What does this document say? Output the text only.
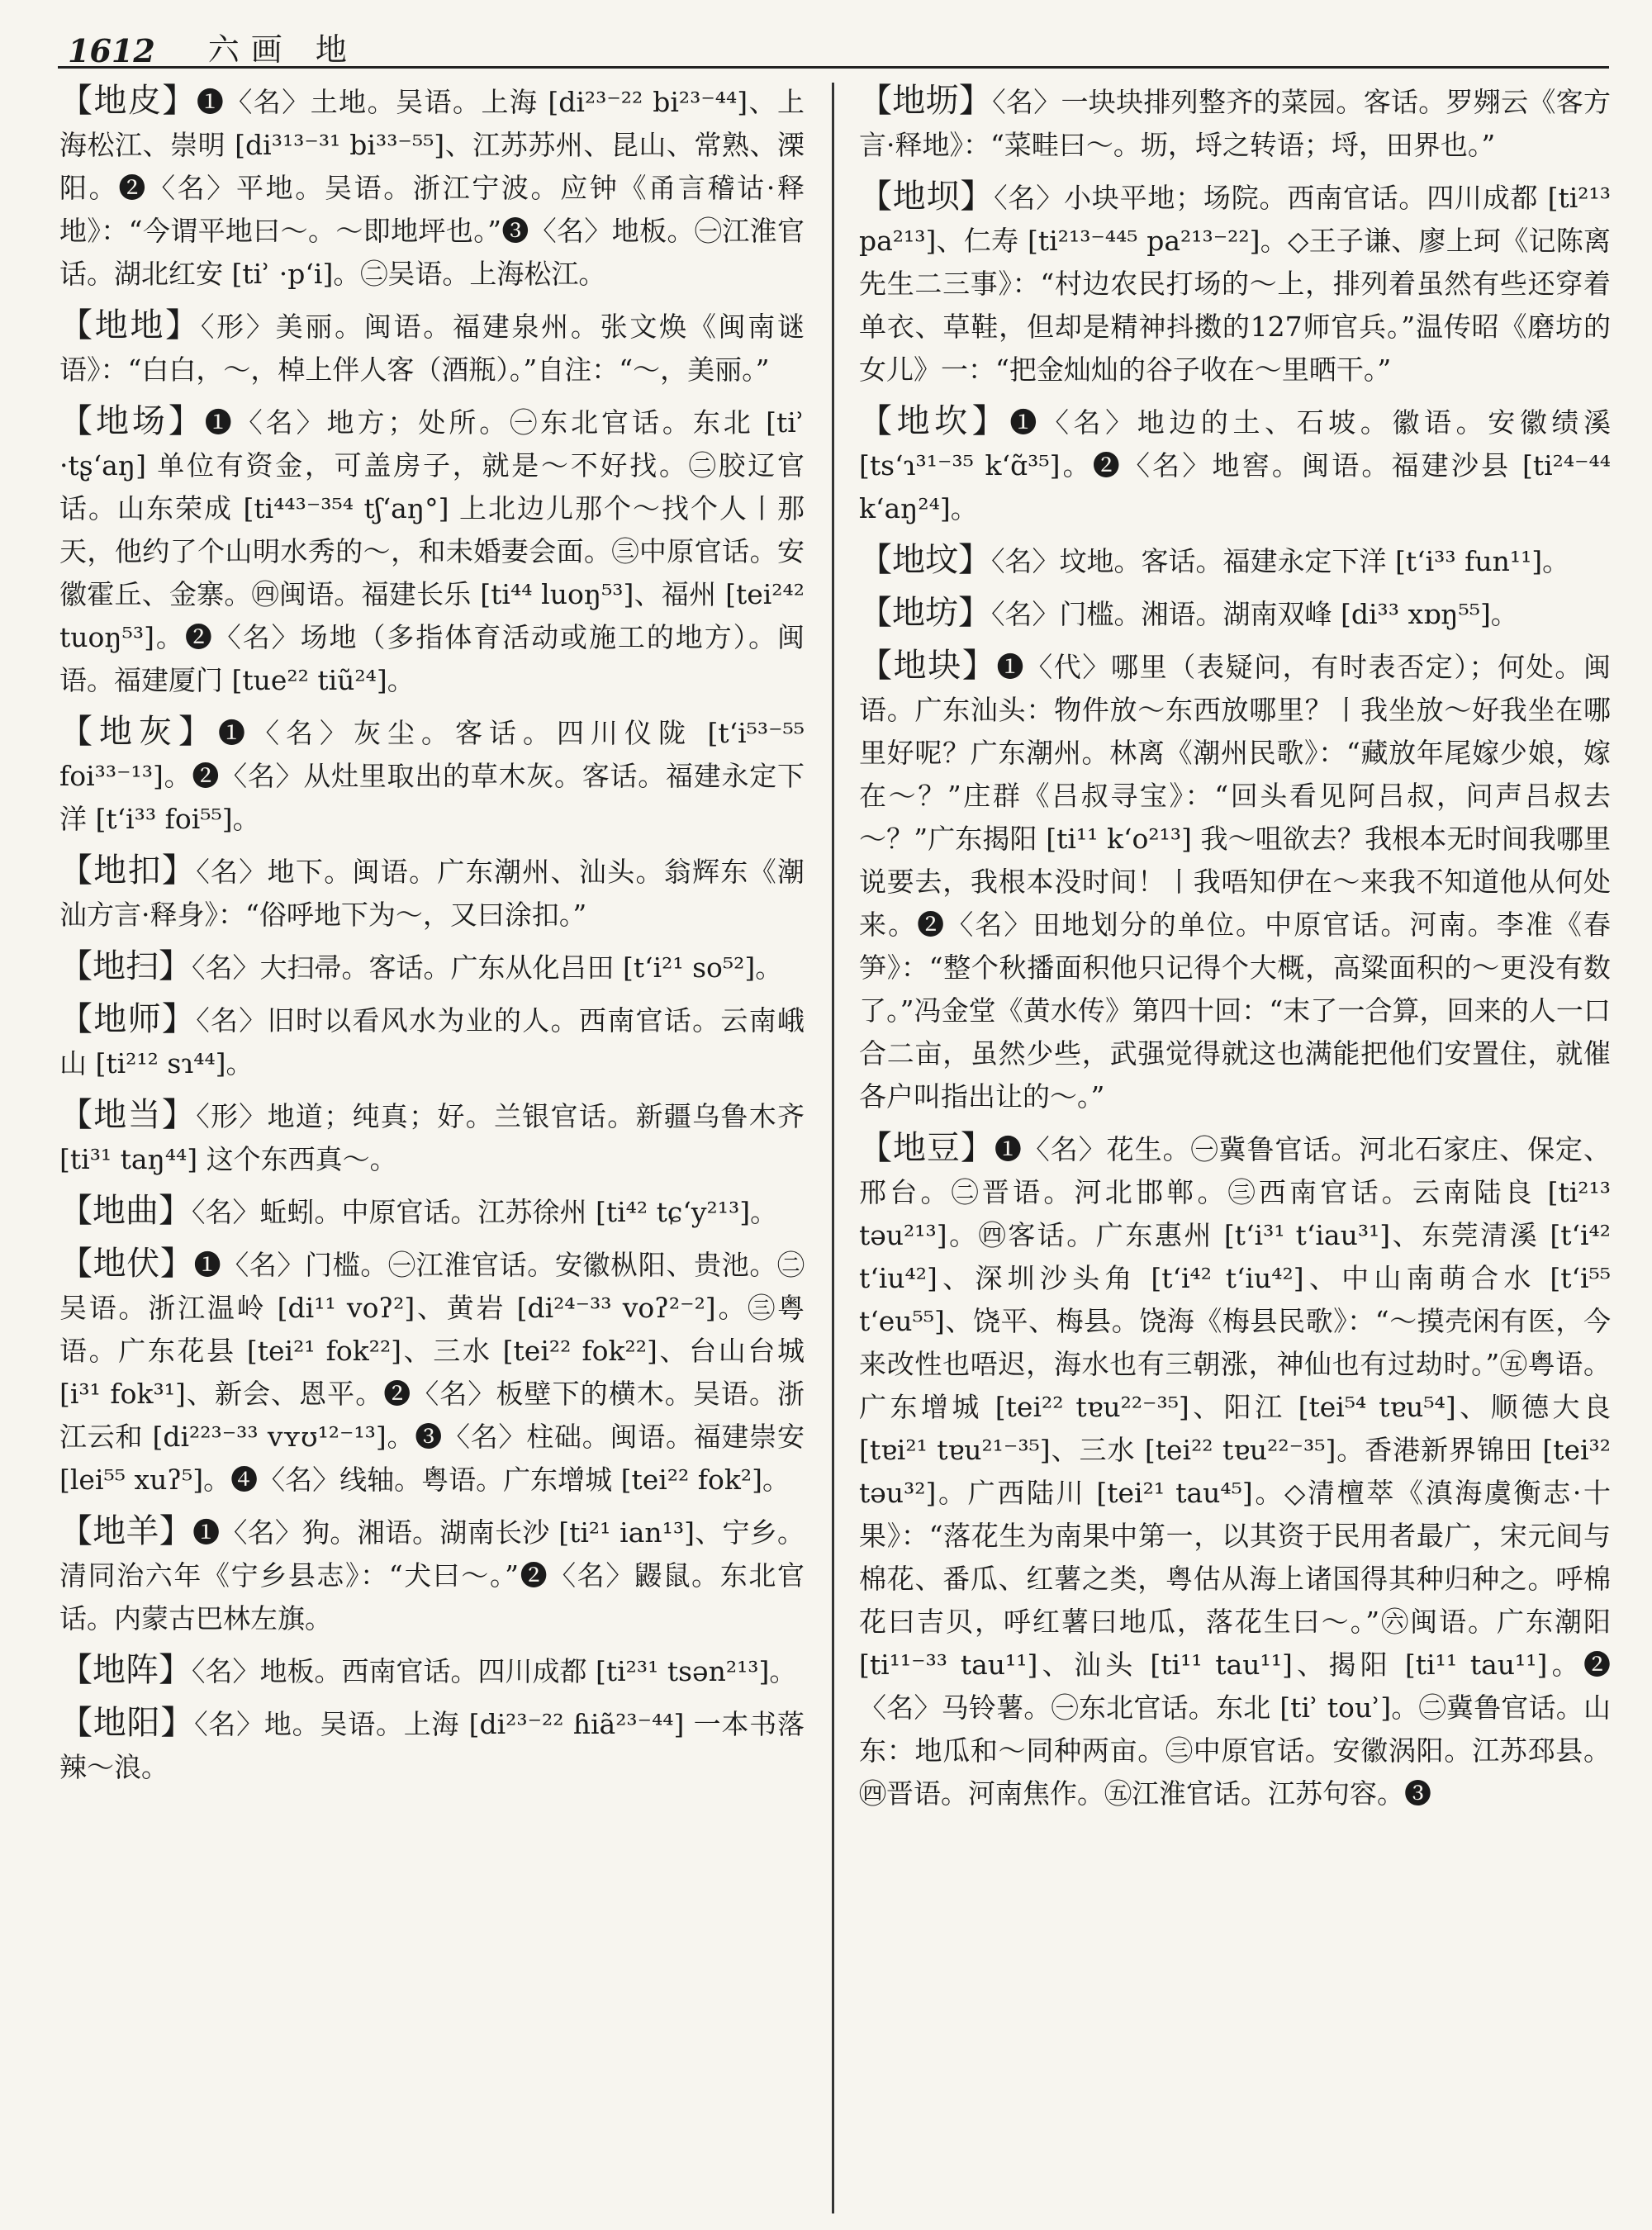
1612 六画 地

【地皮】❶〈名〉土地。吴语。上海 [di²³⁻²² bi²³⁻⁴⁴]、上海松江、崇明 [di³¹³⁻³¹ bi³³⁻⁵⁵]、江苏苏州、昆山、常熟、溧阳。❷〈名〉平地。吴语。浙江宁波。应钟《甬言稽诂·释地》：“今谓平地曰～。～即地坪也。”❸〈名〉地板。㊀江淮官话。湖北红安 [tiʾ ·pʻi]。㊁吴语。上海松江。

【地地】〈形〉美丽。闽语。福建泉州。张文焕《闽南谜语》：“白白，～，棹上伴人客（酒瓶）。”自注：“～，美丽。”

【地场】❶〈名〉地方；处所。㊀东北官话。东北 [tiʾ ·tʂʻaŋ] 单位有资金，可盖房子，就是～不好找。㊁胶辽官话。山东荣成 [ti⁴⁴³⁻³⁵⁴ tʃʻaŋ°] 上北边儿那个～找个人丨那天，他约了个山明水秀的～，和未婚妻会面。㊂中原官话。安徽霍丘、金寨。㊃闽语。福建长乐 [ti⁴⁴ luoŋ⁵³]、福州 [tei²⁴² tuoŋ⁵³]。❷〈名〉场地（多指体育活动或施工的地方）。闽语。福建厦门 [tue²² tiũ²⁴]。

【地灰】❶〈名〉灰尘。客话。四川仪陇 [tʻi⁵³⁻⁵⁵ foi³³⁻¹³]。❷〈名〉从灶里取出的草木灰。客话。福建永定下洋 [tʻi³³ foi⁵⁵]。

【地扣】〈名〉地下。闽语。广东潮州、汕头。翁辉东《潮汕方言·释身》：“俗呼地下为～，又曰涂扣。”

【地扫】〈名〉大扫帚。客话。广东从化吕田 [tʻi²¹ so⁵²]。

【地师】〈名〉旧时以看风水为业的人。西南官话。云南峨山 [ti²¹² sɿ⁴⁴]。

【地当】〈形〉地道；纯真；好。兰银官话。新疆乌鲁木齐 [ti³¹ taŋ⁴⁴] 这个东西真～。

【地曲】〈名〉蚯蚓。中原官话。江苏徐州 [ti⁴² tɕʻy²¹³]。

【地伏】❶〈名〉门槛。㊀江淮官话。安徽枞阳、贵池。㊁吴语。浙江温岭 [di¹¹ voʔ²]、黄岩 [di²⁴⁻³³ voʔ²⁻²]。㊂粤语。广东花县 [tei²¹ fok²²]、三水 [tei²² fok²²]、台山台城 [i³¹ fok³¹]、新会、恩平。❷〈名〉板壁下的横木。吴语。浙江云和 [di²²³⁻³³ vʏʊ¹²⁻¹³]。❸〈名〉柱础。闽语。福建崇安 [lei⁵⁵ xuʔ⁵]。❹〈名〉线轴。粤语。广东增城 [tei²² fok²]。

【地羊】❶〈名〉狗。湘语。湖南长沙 [ti²¹ ian¹³]、宁乡。清同治六年《宁乡县志》：“犬曰～。”❷〈名〉鼹鼠。东北官话。内蒙古巴林左旗。

【地阵】〈名〉地板。西南官话。四川成都 [ti²³¹ tsən²¹³]。

【地阳】〈名〉地。吴语。上海 [di²³⁻²² ɦiã²³⁻⁴⁴] 一本书落辣～浪。

【地坜】〈名〉一块块排列整齐的菜园。客话。罗翙云《客方言·释地》：“菜畦曰～。坜，埒之转语；埒，田界也。”

【地坝】〈名〉小块平地；场院。西南官话。四川成都 [ti²¹³ pa²¹³]、仁寿 [ti²¹³⁻⁴⁴⁵ pa²¹³⁻²²]。◇王子谦、廖上珂《记陈离先生二三事》：“村边农民打场的～上，排列着虽然有些还穿着单衣、草鞋，但却是精神抖擞的127师官兵。”温传昭《磨坊的女儿》一：“把金灿灿的谷子收在～里晒干。”

【地坎】❶〈名〉地边的土、石坡。徽语。安徽绩溪 [tsʻɿ³¹⁻³⁵ kʻɑ̃³⁵]。❷〈名〉地窖。闽语。福建沙县 [ti²⁴⁻⁴⁴ kʻaŋ²⁴]。

【地坟】〈名〉坟地。客话。福建永定下洋 [tʻi³³ fun¹¹]。

【地坊】〈名〉门槛。湘语。湖南双峰 [di³³ xɒŋ⁵⁵]。

【地块】❶〈代〉哪里（表疑问，有时表否定）；何处。闽语。广东汕头：物件放～东西放哪里？丨我坐放～好我坐在哪里好呢？广东潮州。林离《潮州民歌》：“藏放年尾嫁少娘，嫁在～？”庄群《吕叔寻宝》：“回头看见阿吕叔，问声吕叔去～？”广东揭阳 [ti¹¹ kʻo²¹³] 我～咀欲去？我根本无时间我哪里说要去，我根本没时间！丨我唔知伊在～来我不知道他从何处来。❷〈名〉田地划分的单位。中原官话。河南。李准《春笋》：“整个秋播面积他只记得个大概，高粱面积的～更没有数了。”冯金堂《黄水传》第四十回：“末了一合算，回来的人一口合二亩，虽然少些，武强觉得就这也满能把他们安置住，就催各户叫指出让的～。”

【地豆】❶〈名〉花生。㊀冀鲁官话。河北石家庄、保定、邢台。㊁晋语。河北邯郸。㊂西南官话。云南陆良 [ti²¹³ təu²¹³]。㊃客话。广东惠州 [tʻi³¹ tʻiau³¹]、东莞清溪 [tʻi⁴² tʻiu⁴²]、深圳沙头角 [tʻi⁴² tʻiu⁴²]、中山南萌合水 [tʻi⁵⁵ tʻeu⁵⁵]、饶平、梅县。饶海《梅县民歌》：“～摸壳闲有医，今来改性也唔迟，海水也有三朝涨，神仙也有过劫时。”㊄粤语。广东增城 [tei²² tɐu²²⁻³⁵]、阳江 [tei⁵⁴ tɐu⁵⁴]、顺德大良 [tɐi²¹ tɐu²¹⁻³⁵]、三水 [tei²² tɐu²²⁻³⁵]。香港新界锦田 [tei³² təu³²]。广西陆川 [tei²¹ tau⁴⁵]。◇清檀萃《滇海虞衡志·十果》：“落花生为南果中第一，以其资于民用者最广，宋元间与棉花、番瓜、红薯之类，粤估从海上诸国得其种归种之。呼棉花曰吉贝，呼红薯曰地瓜，落花生曰～。”㊅闽语。广东潮阳 [ti¹¹⁻³³ tau¹¹]、汕头 [ti¹¹ tau¹¹]、揭阳 [ti¹¹ tau¹¹]。❷〈名〉马铃薯。㊀东北官话。东北 [tiʾ touʾ]。㊁冀鲁官话。山东：地瓜和～同种两亩。㊂中原官话。安徽涡阳。江苏邳县。㊃晋语。河南焦作。㊄江淮官话。江苏句容。❸
